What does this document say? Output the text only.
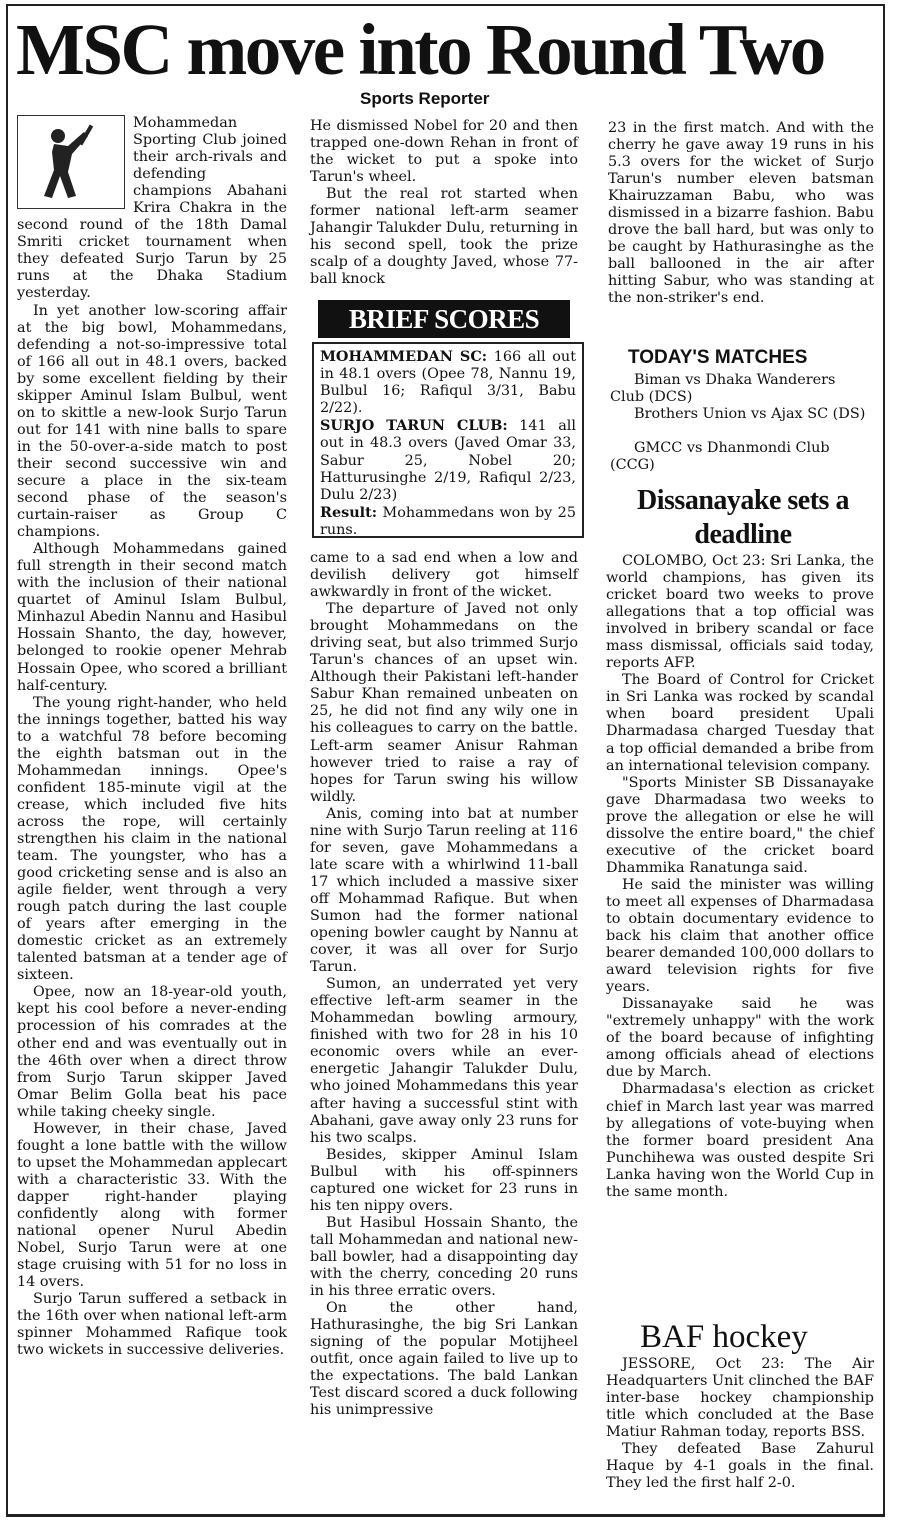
MSC move into Round Two
Sports Reporter

Mohammedan Sporting Club joined their arch-rivals and defending champions Abahani Krira Chakra in the second round of the 18th Damal Smriti cricket tournament when they defeated Surjo Tarun by 25 runs at the Dhaka Stadium yesterday.

In yet another low-scoring affair at the big bowl, Mohammedans, defending a not-so-impressive total of 166 all out in 48.1 overs, backed by some excellent fielding by their skipper Aminul Islam Bulbul, went on to skittle a new-look Surjo Tarun out for 141 with nine balls to spare in the 50-over-a-side match to post their second successive win and secure a place in the six-team second phase of the season's curtain-raiser as Group C champions.

Although Mohammedans gained full strength in their second match with the inclusion of their national quartet of Aminul Islam Bulbul, Minhazul Abedin Nannu and Hasibul Hossain Shanto, the day, however, belonged to rookie opener Mehrab Hossain Opee, who scored a brilliant half-century.

The young right-hander, who held the innings together, batted his way to a watchful 78 before becoming the eighth batsman out in the Mohammedan innings. Opee's confident 185-minute vigil at the crease, which included five hits across the rope, will certainly strengthen his claim in the national team. The youngster, who has a good cricketing sense and is also an agile fielder, went through a very rough patch during the last couple of years after emerging in the domestic cricket as an extremely talented batsman at a tender age of sixteen.

Opee, now an 18-year-old youth, kept his cool before a never-ending procession of his comrades at the other end and was eventually out in the 46th over when a direct throw from Surjo Tarun skipper Javed Omar Belim Golla beat his pace while taking cheeky single.

However, in their chase, Javed fought a lone battle with the willow to upset the Mohammedan applecart with a characteristic 33. With the dapper right-hander playing confidently along with former national opener Nurul Abedin Nobel, Surjo Tarun were at one stage cruising with 51 for no loss in 14 overs.

Surjo Tarun suffered a setback in the 16th over when national left-arm spinner Mohammed Rafique took two wickets in successive deliveries.

He dismissed Nobel for 20 and then trapped one-down Rehan in front of the wicket to put a spoke into Tarun's wheel.

But the real rot started when former national left-arm seamer Jahangir Talukder Dulu, returning in his second spell, took the prize scalp of a doughty Javed, whose 77-ball knock

BRIEF SCORES

MOHAMMEDAN SC: 166 all out in 48.1 overs (Opee 78, Nannu 19, Bulbul 16; Rafiqul 3/31, Babu 2/22).

SURJO TARUN CLUB: 141 all out in 48.3 overs (Javed Omar 33, Sabur 25, Nobel 20; Hatturusinghe 2/19, Rafiqul 2/23, Dulu 2/23)

Result: Mohammedans won by 25 runs.

came to a sad end when a low and devilish delivery got himself awkwardly in front of the wicket.

The departure of Javed not only brought Mohammedans on the driving seat, but also trimmed Surjo Tarun's chances of an upset win. Although their Pakistani left-hander Sabur Khan remained unbeaten on 25, he did not find any wily one in his colleagues to carry on the battle. Left-arm seamer Anisur Rahman however tried to raise a ray of hopes for Tarun swing his willow wildly.

Anis, coming into bat at number nine with Surjo Tarun reeling at 116 for seven, gave Mohammedans a late scare with a whirlwind 11-ball 17 which included a massive sixer off Mohammad Rafique. But when Sumon had the former national opening bowler caught by Nannu at cover, it was all over for Surjo Tarun.

Sumon, an underrated yet very effective left-arm seamer in the Mohammedan bowling armoury, finished with two for 28 in his 10 economic overs while an ever-energetic Jahangir Talukder Dulu, who joined Mohammedans this year after having a successful stint with Abahani, gave away only 23 runs for his two scalps.

Besides, skipper Aminul Islam Bulbul with his off-spinners captured one wicket for 23 runs in his ten nippy overs.

But Hasibul Hossain Shanto, the tall Mohammedan and national new-ball bowler, had a disappointing day with the cherry, conceding 20 runs in his three erratic overs.

On the other hand, Hathurasinghe, the big Sri Lankan signing of the popular Motijheel outfit, once again failed to live up to the expectations. The bald Lankan Test discard scored a duck following his unimpressive

23 in the first match. And with the cherry he gave away 19 runs in his 5.3 overs for the wicket of Surjo Tarun's number eleven batsman Khairuzzaman Babu, who was dismissed in a bizarre fashion. Babu drove the ball hard, but was only to be caught by Hathurasinghe as the ball ballooned in the air after hitting Sabur, who was standing at the non-striker's end.

TODAY'S MATCHES
Biman vs Dhaka Wanderers Club (DCS)
Brothers Union vs Ajax SC (DS)
GMCC vs Dhanmondi Club (CCG)
Dissanayake sets a deadline

COLOMBO, Oct 23: Sri Lanka, the world champions, has given its cricket board two weeks to prove allegations that a top official was involved in bribery scandal or face mass dismissal, officials said today, reports AFP.

The Board of Control for Cricket in Sri Lanka was rocked by scandal when board president Upali Dharmadasa charged Tuesday that a top official demanded a bribe from an international television company.

"Sports Minister SB Dissanayake gave Dharmadasa two weeks to prove the allegation or else he will dissolve the entire board," the chief executive of the cricket board Dhammika Ranatunga said.

He said the minister was willing to meet all expenses of Dharmadasa to obtain documentary evidence to back his claim that another office bearer demanded 100,000 dollars to award television rights for five years.

Dissanayake said he was "extremely unhappy" with the work of the board because of infighting among officials ahead of elections due by March.

Dharmadasa's election as cricket chief in March last year was marred by allegations of vote-buying when the former board president Ana Punchihewa was ousted despite Sri Lanka having won the World Cup in the same month.

BAF hockey

JESSORE, Oct 23: The Air Headquarters Unit clinched the BAF inter-base hockey championship title which concluded at the Base Matiur Rahman today, reports BSS.

They defeated Base Zahurul Haque by 4-1 goals in the final. They led the first half 2-0.
